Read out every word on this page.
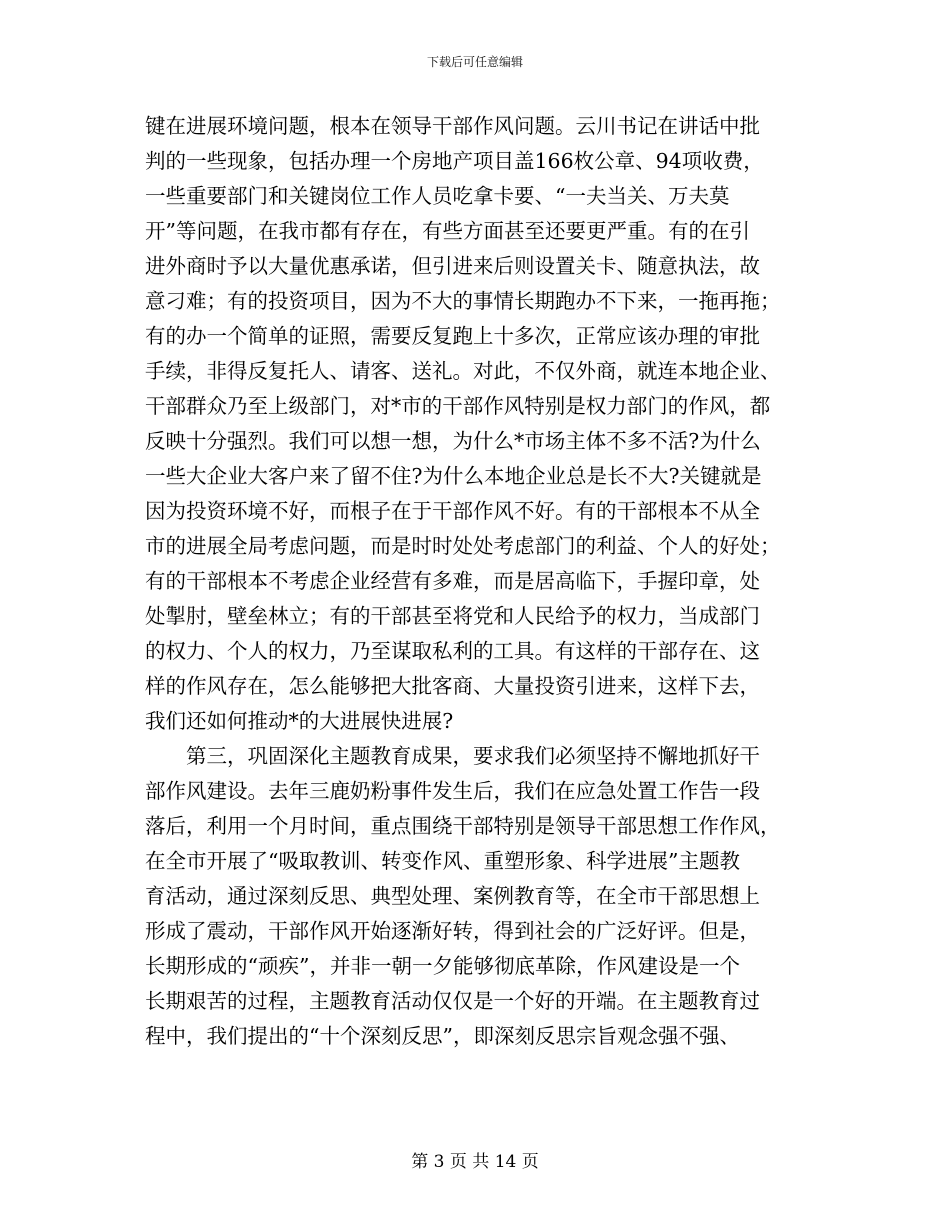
下载后可任意编辑
键在进展环境问题，根本在领导干部作风问题。云川书记在讲话中批
判的一些现象，包括办理一个房地产项目盖166枚公章、94项收费，
一些重要部门和关键岗位工作人员吃拿卡要、“一夫当关、万夫莫
开”等问题，在我市都有存在，有些方面甚至还要更严重。有的在引
进外商时予以大量优惠承诺，但引进来后则设置关卡、随意执法，故
意刁难；有的投资项目，因为不大的事情长期跑办不下来，一拖再拖；
有的办一个简单的证照，需要反复跑上十多次，正常应该办理的审批
手续，非得反复托人、请客、送礼。对此，不仅外商，就连本地企业、
干部群众乃至上级部门，对*市的干部作风特别是权力部门的作风，都
反映十分强烈。我们可以想一想，为什么*市场主体不多不活?为什么
一些大企业大客户来了留不住?为什么本地企业总是长不大?关键就是
因为投资环境不好，而根子在于干部作风不好。有的干部根本不从全
市的进展全局考虑问题，而是时时处处考虑部门的利益、个人的好处；
有的干部根本不考虑企业经营有多难，而是居高临下，手握印章，处
处掣肘，壁垒林立；有的干部甚至将党和人民给予的权力，当成部门
的权力、个人的权力，乃至谋取私利的工具。有这样的干部存在、这
样的作风存在，怎么能够把大批客商、大量投资引进来，这样下去，
我们还如何推动*的大进展快进展?
第三，巩固深化主题教育成果，要求我们必须坚持不懈地抓好干
部作风建设。去年三鹿奶粉事件发生后，我们在应急处置工作告一段
落后，利用一个月时间，重点围绕干部特别是领导干部思想工作作风，
在全市开展了“吸取教训、转变作风、重塑形象、科学进展”主题教
育活动，通过深刻反思、典型处理、案例教育等，在全市干部思想上
形成了震动，干部作风开始逐渐好转，得到社会的广泛好评。但是，
长期形成的“顽疾”，并非一朝一夕能够彻底革除，作风建设是一个
长期艰苦的过程，主题教育活动仅仅是一个好的开端。在主题教育过
程中，我们提出的“十个深刻反思”，即深刻反思宗旨观念强不强、
第 3 页 共 14 页
